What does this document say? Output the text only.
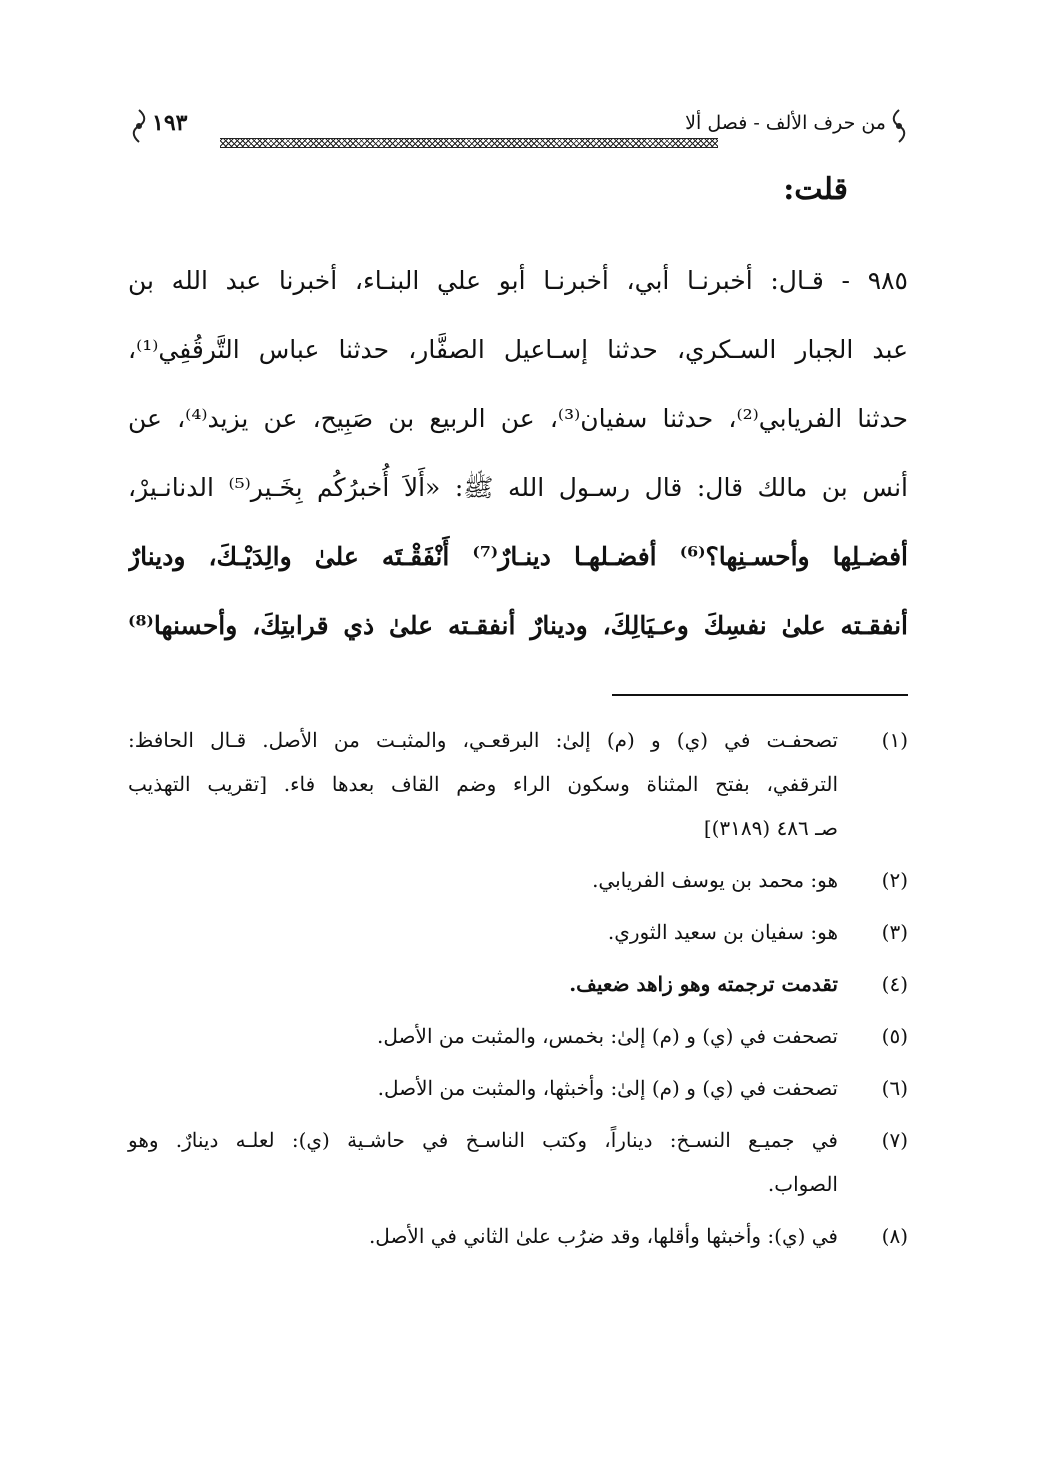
من حرف الألف - فصل ألا
١٩٣
قلت:
٩٨٥ - قـال: أخبرنـا أبي، أخبرنـا أبو علي البنـاء، أخبرنا عبد الله بن
عبد الجبار السـكري، حدثنا إسـاعيل الصفَّار، حدثنا عباس التَّرقُفِي⁽¹⁾،
حدثنا الفريابي⁽²⁾، حدثنا سفيان⁽³⁾، عن الربيع بن صَبِيح، عن يزيد⁽⁴⁾، عن
أنس بن مالك قال: قال رسـول الله ﷺ: «أَلاَ أُخبرُكُم بِخَـير⁽⁵⁾ الدنانـيرْ،
أفضـلِها وأحسـنِها؟⁽⁶⁾ أفضـلهـا دينـارٌ⁽⁷⁾ أَنْفَقْـتَه علىٰ والِدَيْـكَ، ودينارٌ
أنفقـته علىٰ نفسِكَ وعـيَالِكَ، ودينارٌ أنفقـته علىٰ ذي قرابتِكَ، وأحسنها⁽⁸⁾
(١)
تصحفـت في (ي) و (م) إلىٰ: البرقعـي، والمثبـت من الأصل. قـال الحافظ:
الترقفي، بفتح المثناة وسكون الراء وضم القاف بعدها فاء. [تقريب التهذيب
صـ ٤٨٦ (٣١٨٩)]
(٢)
هو: محمد بن يوسف الفريابي.
(٣)
هو: سفيان بن سعيد الثوري.
(٤)
تقدمت ترجمته وهو زاهد ضعيف.
(٥)
تصحفت في (ي) و (م) إلىٰ: بخمس، والمثبت من الأصل.
(٦)
تصحفت في (ي) و (م) إلىٰ: وأخبثها، والمثبت من الأصل.
(٧)
في جميـع النسـخ: ديناراً، وكتب الناسـخ في حاشـية (ي): لعلـه دينارٌ. وهو
الصواب.
(٨)
في (ي): وأخبثها وأقلها، وقد ضرُب علىٰ الثاني في الأصل.
